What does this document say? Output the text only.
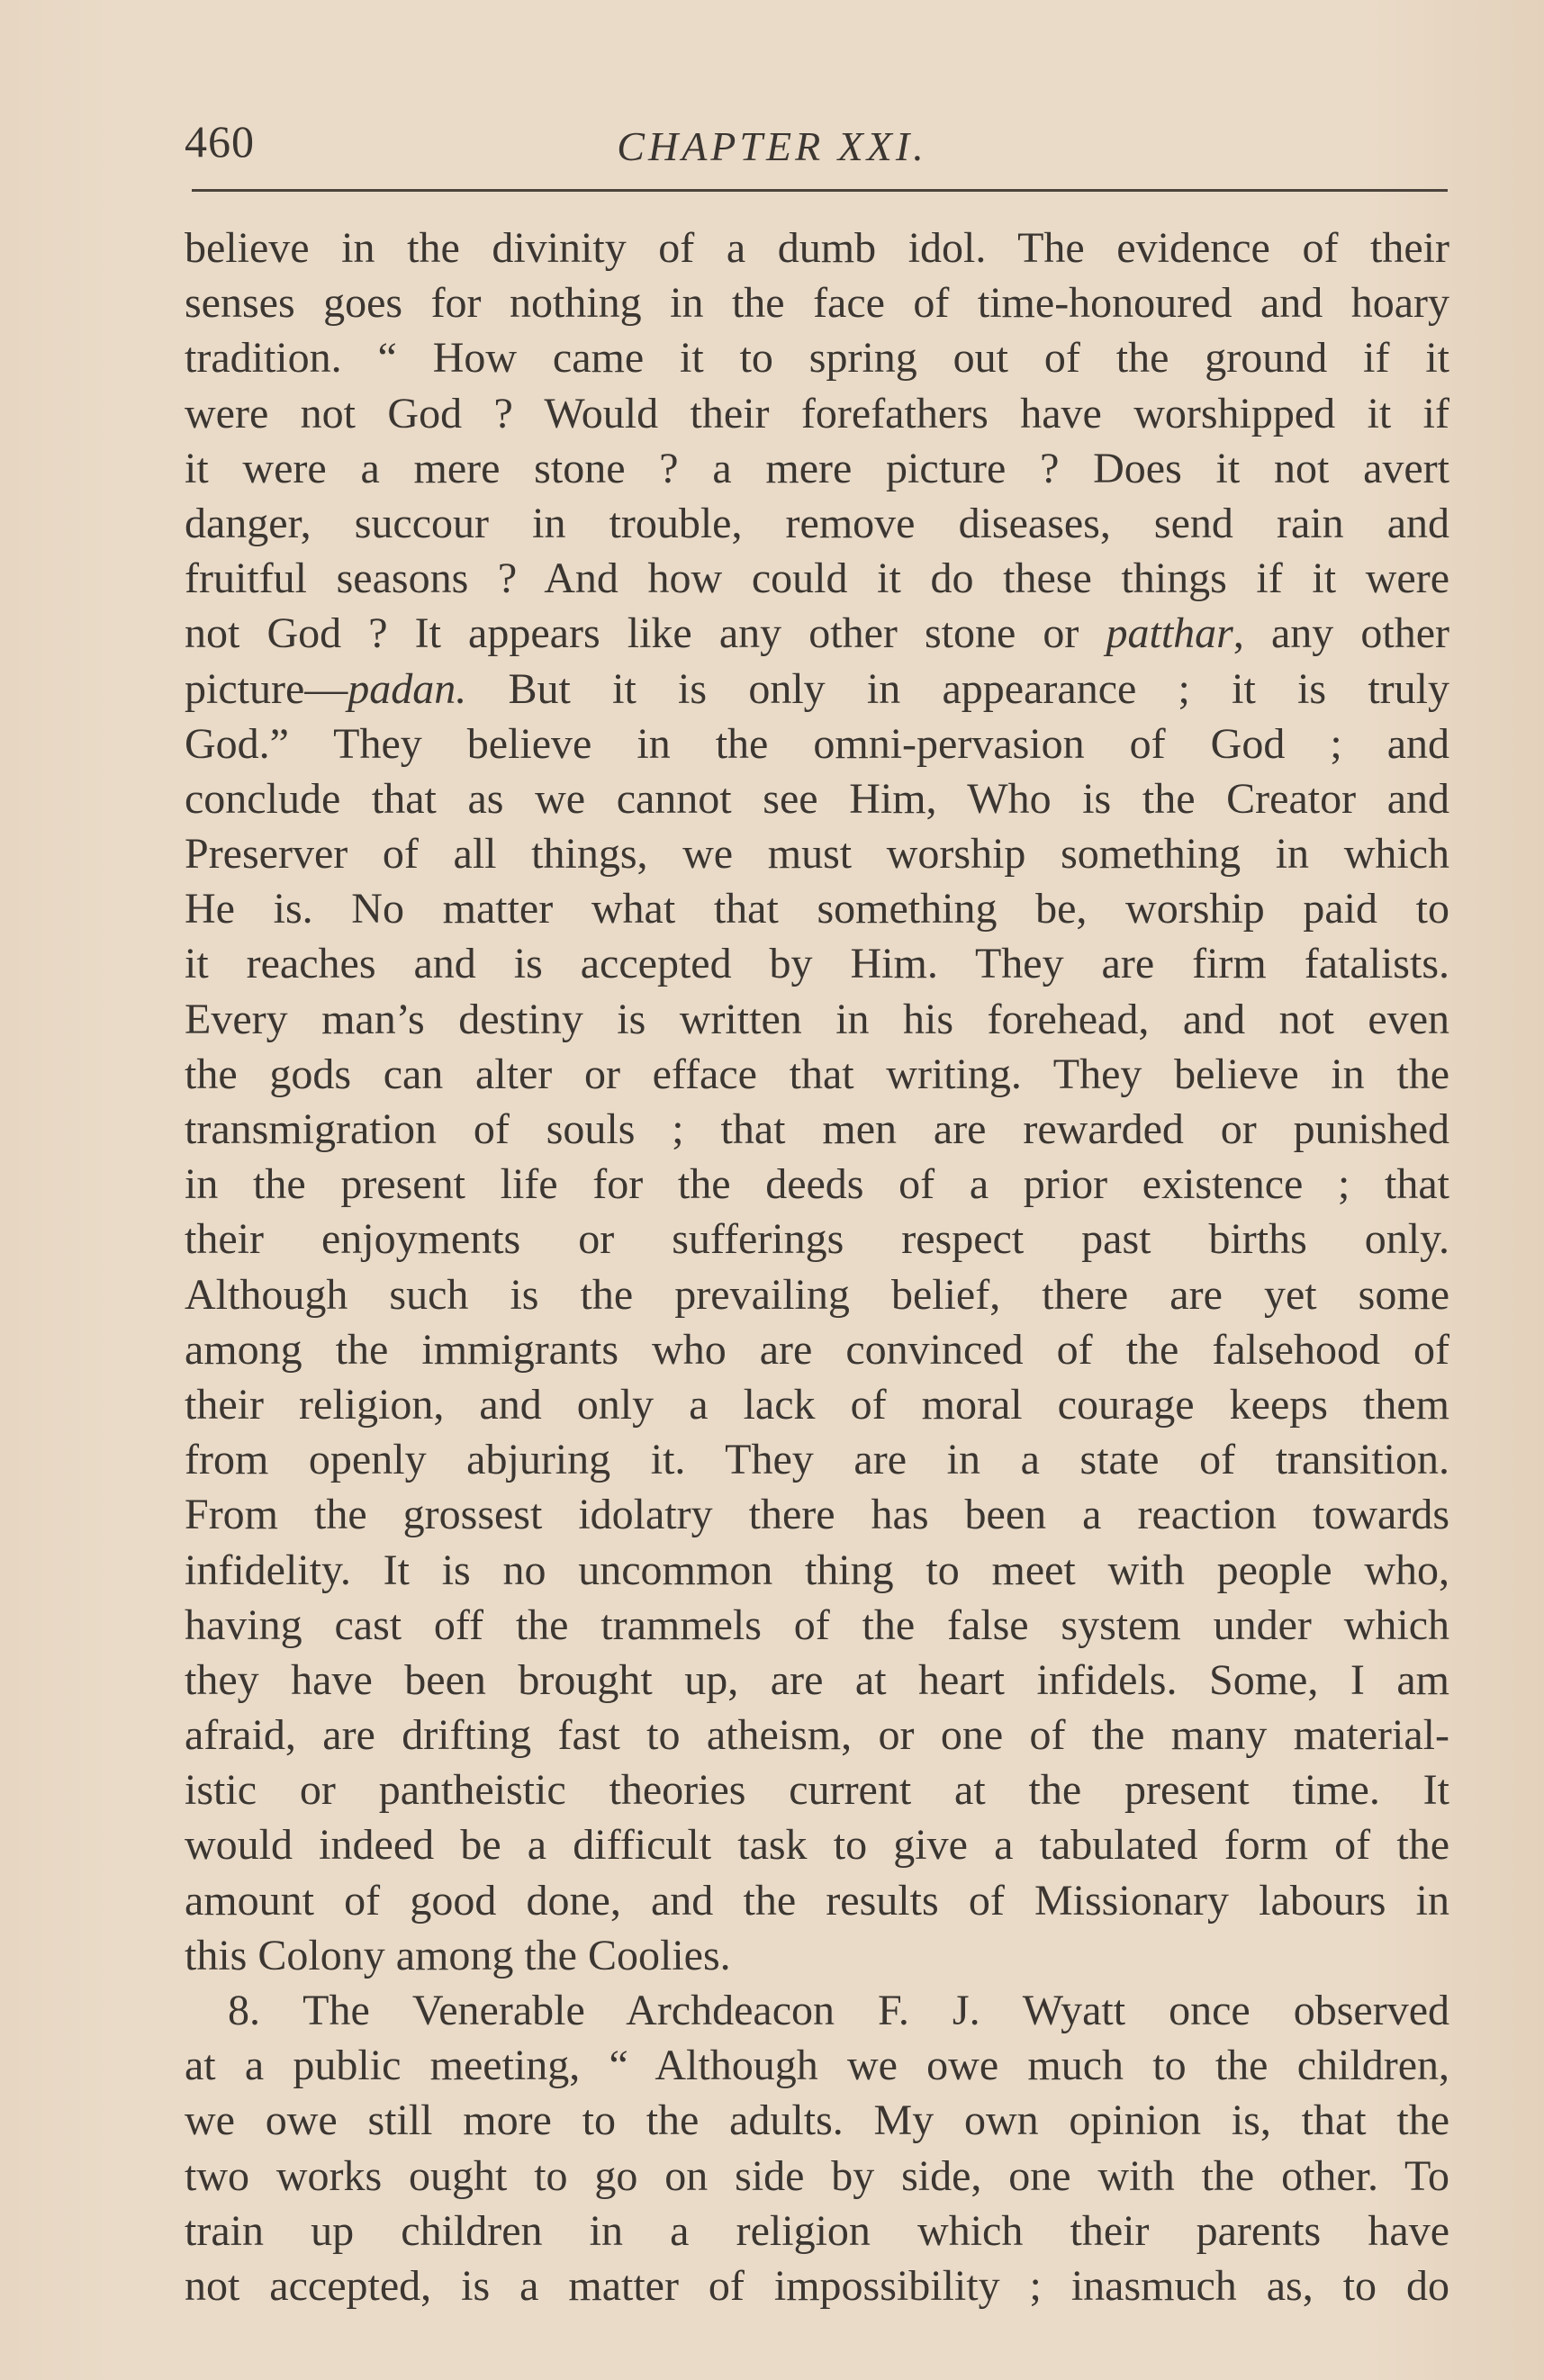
460	CHAPTER XXI.
believe in the divinity of a dumb idol. The evidence of their
senses goes for nothing in the face of time-honoured and hoary
tradition. “ How came it to spring out of the ground if it
were not God ? Would their forefathers have worshipped it if
it were a mere stone ? a mere picture ? Does it not avert
danger, succour in trouble, remove diseases, send rain and
fruitful seasons ? And how could it do these things if it were
not God ? It appears like any other stone or patthar, any other
picture—padan. But it is only in appearance ; it is truly
God.” They believe in the omni-pervasion of God ; and
conclude that as we cannot see Him, Who is the Creator and
Preserver of all things, we must worship something in which
He is. No matter what that something be, worship paid to
it reaches and is accepted by Him. They are firm fatalists.
Every man’s destiny is written in his forehead, and not even
the gods can alter or efface that writing. They believe in the
transmigration of souls ; that men are rewarded or punished
in the present life for the deeds of a prior existence ; that
their enjoyments or sufferings respect past births only.
Although such is the prevailing belief, there are yet some
among the immigrants who are convinced of the falsehood of
their religion, and only a lack of moral courage keeps them
from openly abjuring it. They are in a state of transition.
From the grossest idolatry there has been a reaction towards
infidelity. It is no uncommon thing to meet with people who,
having cast off the trammels of the false system under which
they have been brought up, are at heart infidels. Some, I am
afraid, are drifting fast to atheism, or one of the many material-
istic or pantheistic theories current at the present time. It
would indeed be a difficult task to give a tabulated form of the
amount of good done, and the results of Missionary labours in
this Colony among the Coolies.
8. The Venerable Archdeacon F. J. Wyatt once observed
at a public meeting, “ Although we owe much to the children,
we owe still more to the adults. My own opinion is, that the
two works ought to go on side by side, one with the other. To
train up children in a religion which their parents have
not accepted, is a matter of impossibility ; inasmuch as, to do
